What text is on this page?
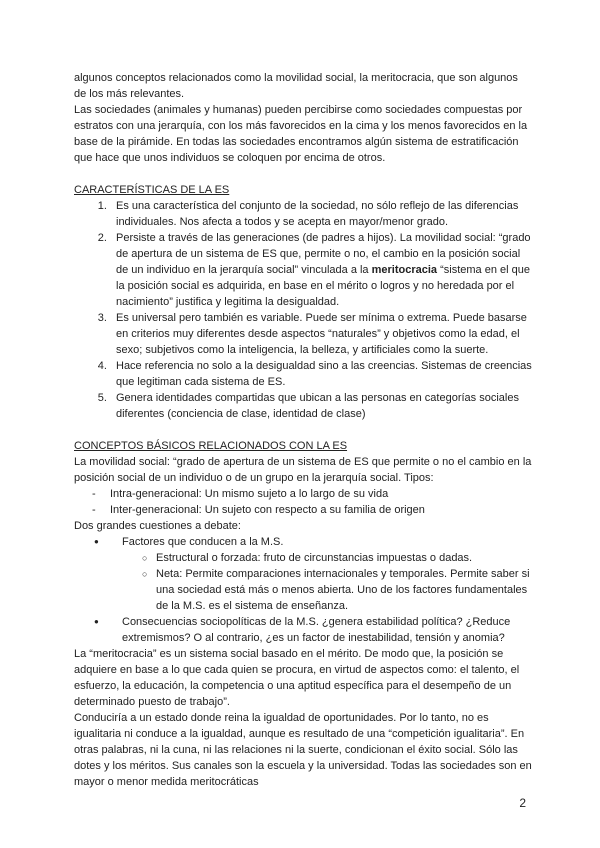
algunos conceptos relacionados como la movilidad social, la meritocracia, que son algunos de los más relevantes.

Las sociedades (animales y humanas) pueden percibirse como sociedades compuestas por estratos con una jerarquía, con los más favorecidos en la cima y los menos favorecidos en la base de la pirámide. En todas las sociedades encontramos algún sistema de estratificación que hace que unos individuos se coloquen por encima de otros.

CARACTERÍSTICAS DE LA ES

1. Es una característica del conjunto de la sociedad, no sólo reflejo de las diferencias individuales. Nos afecta a todos y se acepta en mayor/menor grado.
2. Persiste a través de las generaciones (de padres a hijos). La movilidad social: “grado de apertura de un sistema de ES que, permite o no, el cambio en la posición social de un individuo en la jerarquía social” vinculada a la meritocracia “sistema en el que la posición social es adquirida, en base en el mérito o logros y no heredada por el nacimiento” justifica y legitima la desigualdad.
3. Es universal pero también es variable. Puede ser mínima o extrema. Puede basarse en criterios muy diferentes desde aspectos “naturales” y objetivos como la edad, el sexo; subjetivos como la inteligencia, la belleza, y artificiales como la suerte.
4. Hace referencia no solo a la desigualdad sino a las creencias. Sistemas de creencias que legitiman cada sistema de ES.
5. Genera identidades compartidas que ubican a las personas en categorías sociales diferentes (conciencia de clase, identidad de clase)

CONCEPTOS BÁSICOS RELACIONADOS CON LA ES

La movilidad social: “grado de apertura de un sistema de ES que permite o no el cambio en la posición social de un individuo o de un grupo en la jerarquía social. Tipos:

- Intra-generacional: Un mismo sujeto a lo largo de su vida
- Inter-generacional: Un sujeto con respecto a su familia de origen

Dos grandes cuestiones a debate:

● Factores que conducen a la M.S.
○ Estructural o forzada: fruto de circunstancias impuestas o dadas.
○ Neta: Permite comparaciones internacionales y temporales. Permite saber si una sociedad está más o menos abierta. Uno de los factores fundamentales de la M.S. es el sistema de enseñanza.
● Consecuencias sociopolíticas de la M.S. ¿genera estabilidad política? ¿Reduce extremismos? O al contrario, ¿es un factor de inestabilidad, tensión y anomia?

La “meritocracia” es un sistema social basado en el mérito. De modo que, la posición se adquiere en base a lo que cada quien se procura, en virtud de aspectos como: el talento, el esfuerzo, la educación, la competencia o una aptitud específica para el desempeño de un determinado puesto de trabajo”.

Conduciría a un estado donde reina la igualdad de oportunidades. Por lo tanto, no es igualitaria ni conduce a la igualdad, aunque es resultado de una “competición igualitaria”. En otras palabras, ni la cuna, ni las relaciones ni la suerte, condicionan el éxito social. Sólo las dotes y los méritos. Sus canales son la escuela y la universidad. Todas las sociedades son en mayor o menor medida meritocráticas

2
